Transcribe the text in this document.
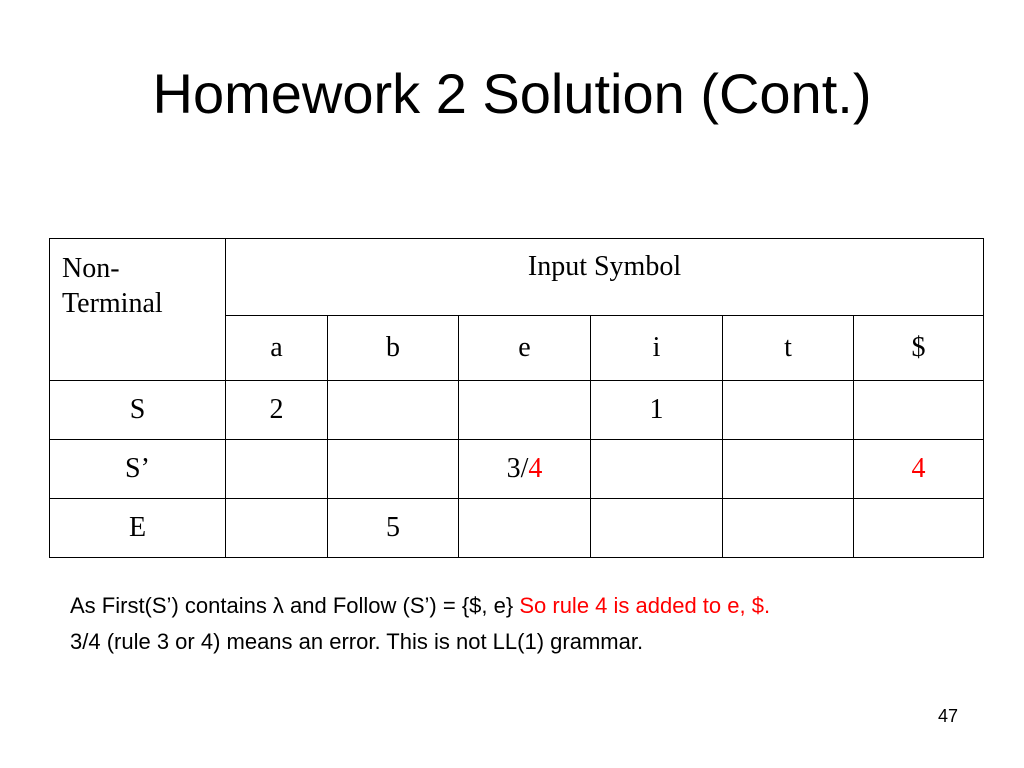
Homework 2 Solution (Cont.)
Non-
Terminal	Input Symbol					
	a	b	e	i	t	$
S	2			1		
S’			3/4			4
E		5				
As First(S’) contains λ and Follow (S’) = {$, e} So rule 4 is added to e, $.
3/4 (rule 3 or 4) means an error. This is not LL(1) grammar.
47
